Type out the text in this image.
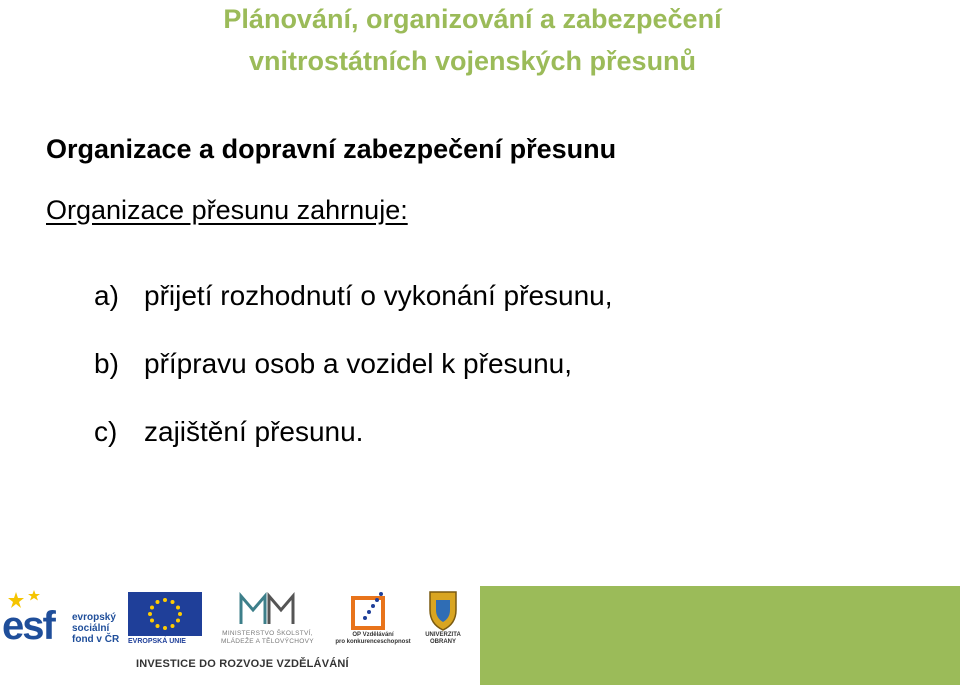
Plánování, organizování a zabezpečení
vnitrostátních vojenských přesunů
Organizace a dopravní zabezpečení přesunu
Organizace přesunu zahrnuje:
a) přijetí rozhodnutí o vykonání přesunu,
b) přípravu osob a vozidel k přesunu,
c) zajištění přesunu.
esf evropský
sociální
fond v ČR EVROPSKÁ UNIE
MINISTERSTVO ŠKOLSTVÍ,
MLÁDEŽE A TĚLOVÝCHOVY
OP Vzdělávání
pro konkurenceschopnost
UNIVERZITA
OBRANY
INVESTICE DO ROZVOJE VZDĚLÁVÁNÍ
